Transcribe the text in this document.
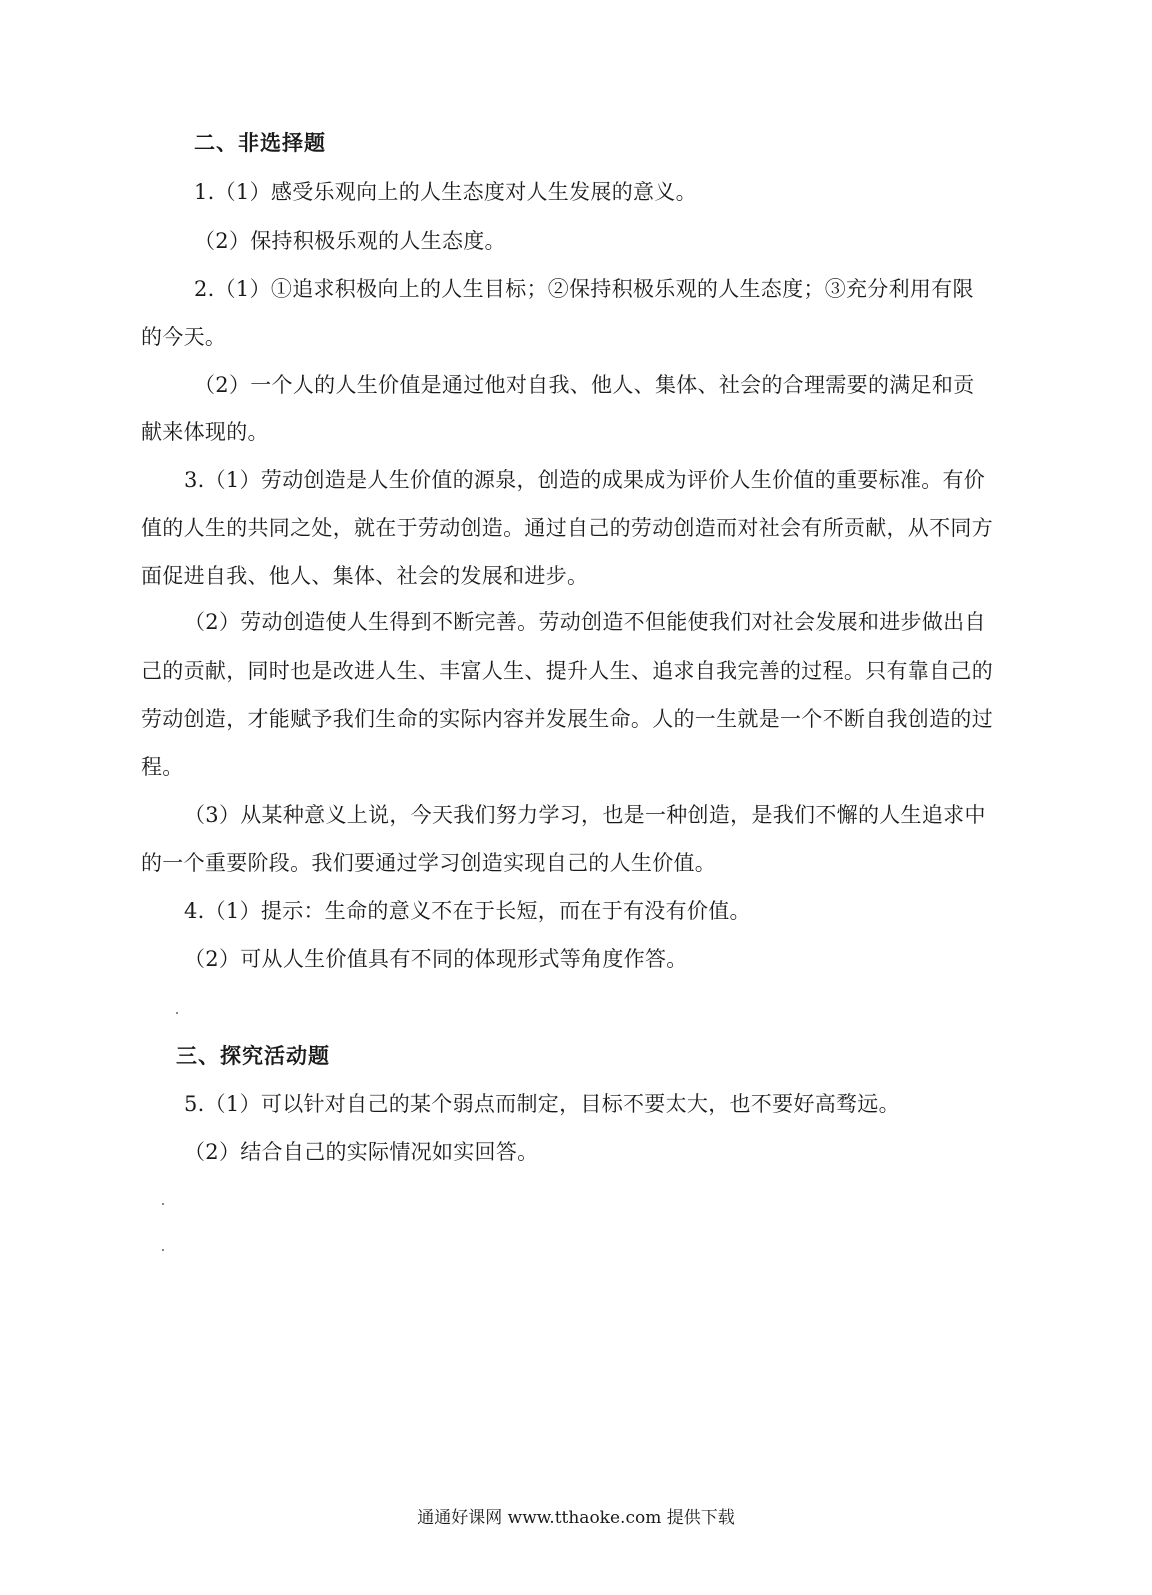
二、非选择题
1.（1）感受乐观向上的人生态度对人生发展的意义。
（2）保持积极乐观的人生态度。
2.（1）①追求积极向上的人生目标；②保持积极乐观的人生态度；③充分利用有限
的今天。
（2）一个人的人生价值是通过他对自我、他人、集体、社会的合理需要的满足和贡
献来体现的。
3.（1）劳动创造是人生价值的源泉，创造的成果成为评价人生价值的重要标准。有价
值的人生的共同之处，就在于劳动创造。通过自己的劳动创造而对社会有所贡献，从不同方
面促进自我、他人、集体、社会的发展和进步。
（2）劳动创造使人生得到不断完善。劳动创造不但能使我们对社会发展和进步做出自
己的贡献，同时也是改进人生、丰富人生、提升人生、追求自我完善的过程。只有靠自己的
劳动创造，才能赋予我们生命的实际内容并发展生命。人的一生就是一个不断自我创造的过
程。
（3）从某种意义上说，今天我们努力学习，也是一种创造，是我们不懈的人生追求中
的一个重要阶段。我们要通过学习创造实现自己的人生价值。
4.（1）提示：生命的意义不在于长短，而在于有没有价值。
（2）可从人生价值具有不同的体现形式等角度作答。
三、探究活动题
5.（1）可以针对自己的某个弱点而制定，目标不要太大，也不要好高骛远。
（2）结合自己的实际情况如实回答。
通通好课网 www.tthaoke.com 提供下载
